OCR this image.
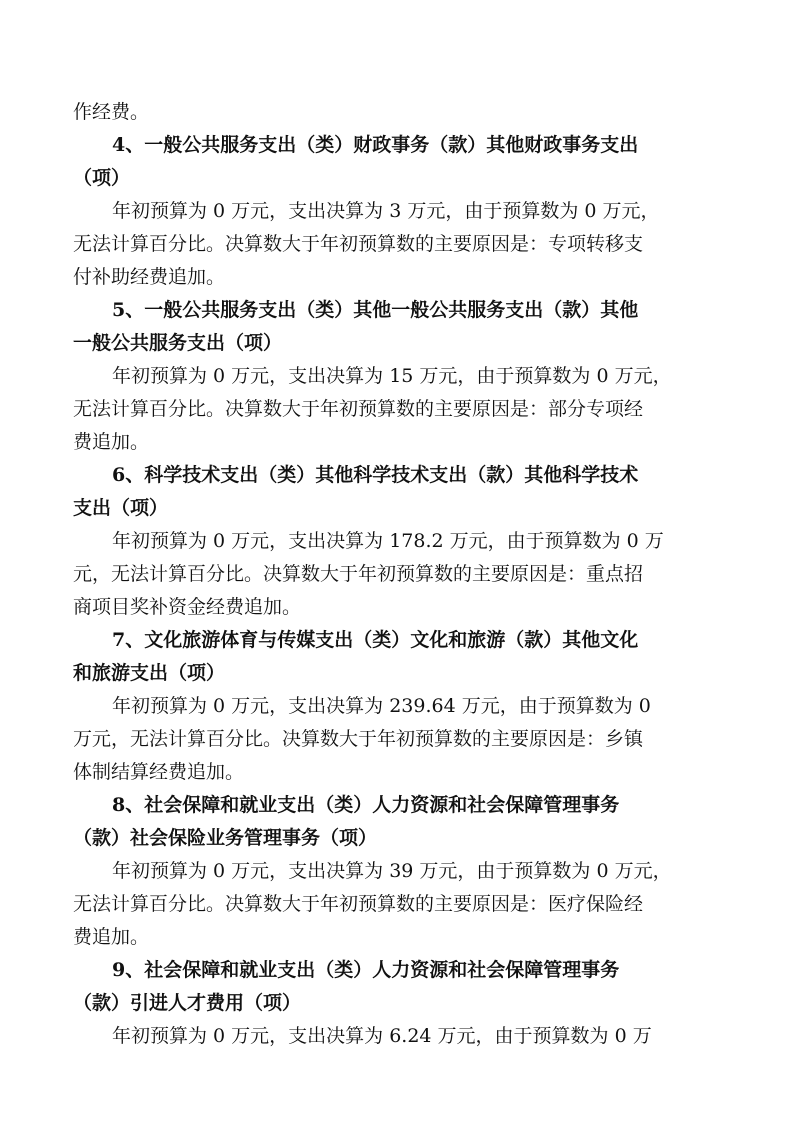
作经费。
4、一般公共服务支出（类）财政事务（款）其他财政事务支出
（项）
年初预算为 0 万元，支出决算为 3 万元，由于预算数为 0 万元，
无法计算百分比。决算数大于年初预算数的主要原因是：专项转移支
付补助经费追加。
5、一般公共服务支出（类）其他一般公共服务支出（款）其他
一般公共服务支出（项）
年初预算为 0 万元，支出决算为 15 万元，由于预算数为 0 万元，
无法计算百分比。决算数大于年初预算数的主要原因是：部分专项经
费追加。
6、科学技术支出（类）其他科学技术支出（款）其他科学技术
支出（项）
年初预算为 0 万元，支出决算为 178.2 万元，由于预算数为 0 万
元，无法计算百分比。决算数大于年初预算数的主要原因是：重点招
商项目奖补资金经费追加。
7、文化旅游体育与传媒支出（类）文化和旅游（款）其他文化
和旅游支出（项）
年初预算为 0 万元，支出决算为 239.64 万元，由于预算数为 0
万元，无法计算百分比。决算数大于年初预算数的主要原因是：乡镇
体制结算经费追加。
8、社会保障和就业支出（类）人力资源和社会保障管理事务
（款）社会保险业务管理事务（项）
年初预算为 0 万元，支出决算为 39 万元，由于预算数为 0 万元，
无法计算百分比。决算数大于年初预算数的主要原因是：医疗保险经
费追加。
9、社会保障和就业支出（类）人力资源和社会保障管理事务
（款）引进人才费用（项）
年初预算为 0 万元，支出决算为 6.24 万元，由于预算数为 0 万
